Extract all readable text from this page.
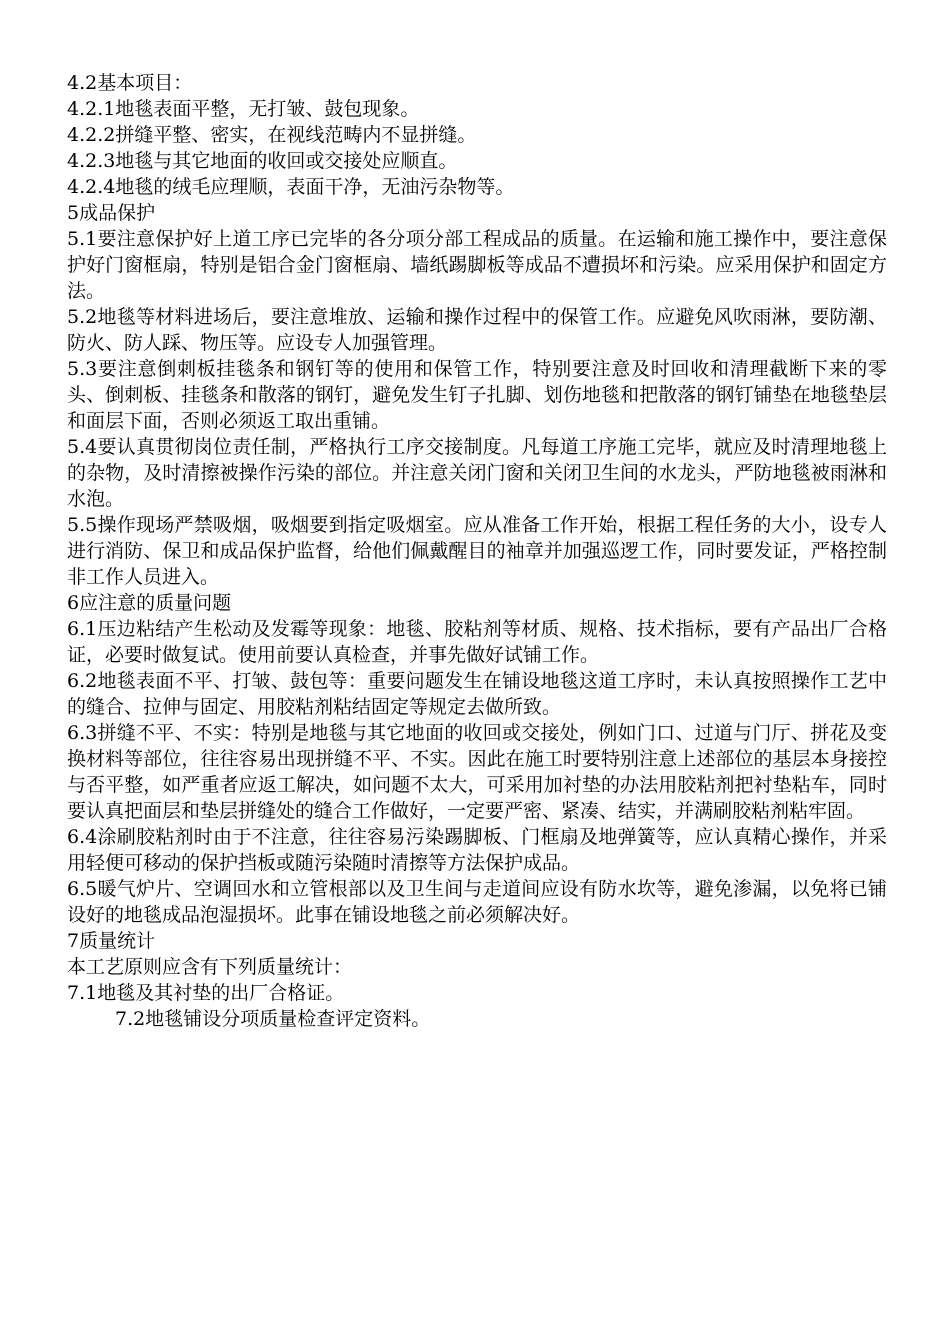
4.2基本项目：

4.2.1地毯表面平整，无打皱、鼓包现象。

4.2.2拼缝平整、密实，在视线范畴内不显拼缝。

4.2.3地毯与其它地面的收回或交接处应顺直。

4.2.4地毯的绒毛应理顺，表面干净，无油污杂物等。

5成品保护

5.1要注意保护好上道工序已完毕的各分项分部工程成品的质量。在运输和施工操作中，要注意保护好门窗框扇，特别是铝合金门窗框扇、墙纸踢脚板等成品不遭损坏和污染。应采用保护和固定方法。

5.2地毯等材料进场后，要注意堆放、运输和操作过程中的保管工作。应避免风吹雨淋，要防潮、防火、防人踩、物压等。应设专人加强管理。

5.3要注意倒刺板挂毯条和钢钉等的使用和保管工作，特别要注意及时回收和清理截断下来的零头、倒刺板、挂毯条和散落的钢钉，避免发生钉子扎脚、划伤地毯和把散落的钢钉铺垫在地毯垫层和面层下面，否则必须返工取出重铺。

5.4要认真贯彻岗位责任制，严格执行工序交接制度。凡每道工序施工完毕，就应及时清理地毯上的杂物，及时清擦被操作污染的部位。并注意关闭门窗和关闭卫生间的水龙头，严防地毯被雨淋和水泡。

5.5操作现场严禁吸烟，吸烟要到指定吸烟室。应从准备工作开始，根据工程任务的大小，设专人进行消防、保卫和成品保护监督，给他们佩戴醒目的袖章并加强巡逻工作，同时要发证，严格控制非工作人员进入。

6应注意的质量问题

6.1压边粘结产生松动及发霉等现象：地毯、胶粘剂等材质、规格、技术指标，要有产品出厂合格证，必要时做复试。使用前要认真检查，并事先做好试铺工作。

6.2地毯表面不平、打皱、鼓包等：重要问题发生在铺设地毯这道工序时，未认真按照操作工艺中的缝合、拉伸与固定、用胶粘剂粘结固定等规定去做所致。

6.3拼缝不平、不实：特别是地毯与其它地面的收回或交接处，例如门口、过道与门厅、拼花及变换材料等部位，往往容易出现拼缝不平、不实。因此在施工时要特别注意上述部位的基层本身接控与否平整，如严重者应返工解决，如问题不太大，可采用加衬垫的办法用胶粘剂把衬垫粘车，同时要认真把面层和垫层拼缝处的缝合工作做好，一定要严密、紧凑、结实，并满刷胶粘剂粘牢固。

6.4涂刷胶粘剂时由于不注意，往往容易污染踢脚板、门框扇及地弹簧等，应认真精心操作，并采用轻便可移动的保护挡板或随污染随时清擦等方法保护成品。

6.5暖气炉片、空调回水和立管根部以及卫生间与走道间应设有防水坎等，避免渗漏，以免将已铺设好的地毯成品泡湿损坏。此事在铺设地毯之前必须解决好。

7质量统计

本工艺原则应含有下列质量统计：

7.1地毯及其衬垫的出厂合格证。

7.2地毯铺设分项质量检查评定资料。
